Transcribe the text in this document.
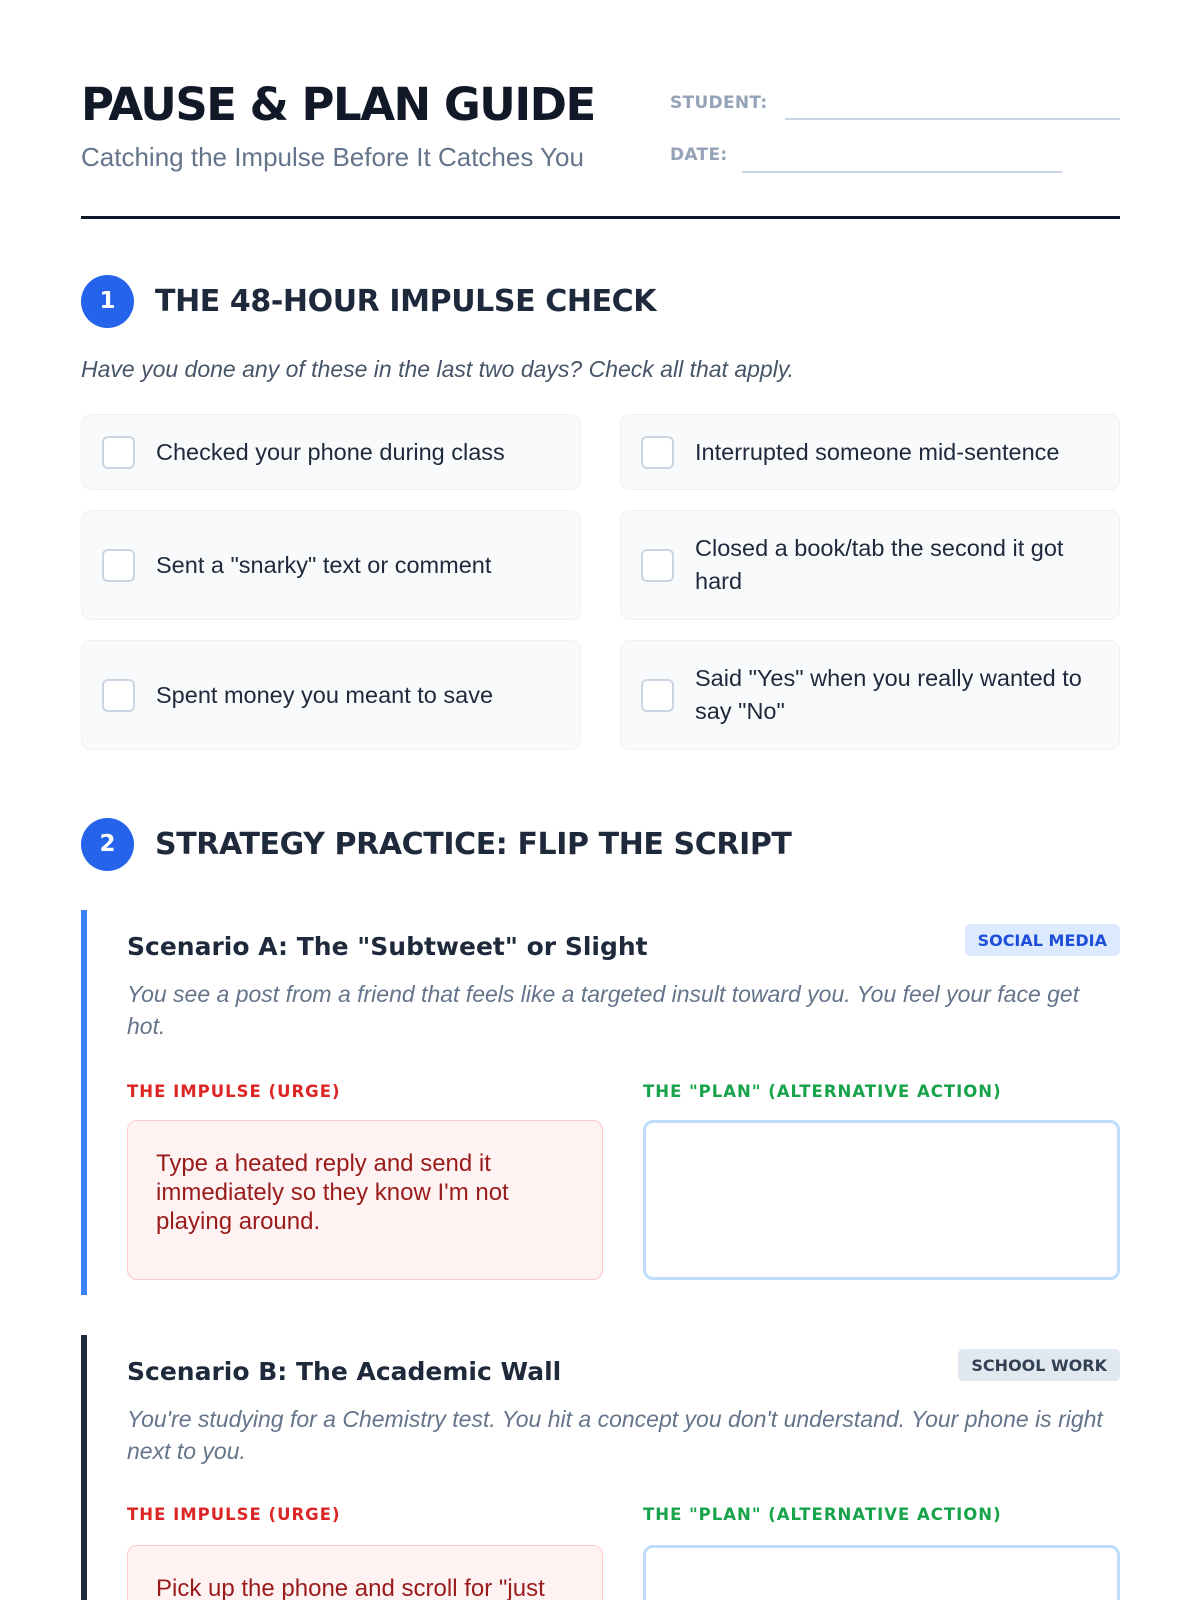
PAUSE & PLAN GUIDE
Catching the Impulse Before It Catches You
STUDENT:
DATE:
1	THE 48-HOUR IMPULSE CHECK
Have you done any of these in the last two days? Check all that apply.
Checked your phone during class	Interrupted someone mid-sentence
Sent a "snarky" text or comment
Closed a book/tab the second it got hard
Spent money you meant to save
Said "Yes" when you really wanted to say "No"
2	STRATEGY PRACTICE: FLIP THE SCRIPT
Scenario A: The "Subtweet" or Slight	SOCIAL MEDIA
You see a post from a friend that feels like a targeted insult toward you. You feel your face get hot.
THE IMPULSE (URGE)	THE "PLAN" (ALTERNATIVE ACTION)
Type a heated reply and send it immediately so they know I'm not playing around.
Scenario B: The Academic Wall	SCHOOL WORK
You're studying for a Chemistry test. You hit a concept you don't understand. Your phone is right next to you.
THE IMPULSE (URGE)	THE "PLAN" (ALTERNATIVE ACTION)
Pick up the phone and scroll for "just
